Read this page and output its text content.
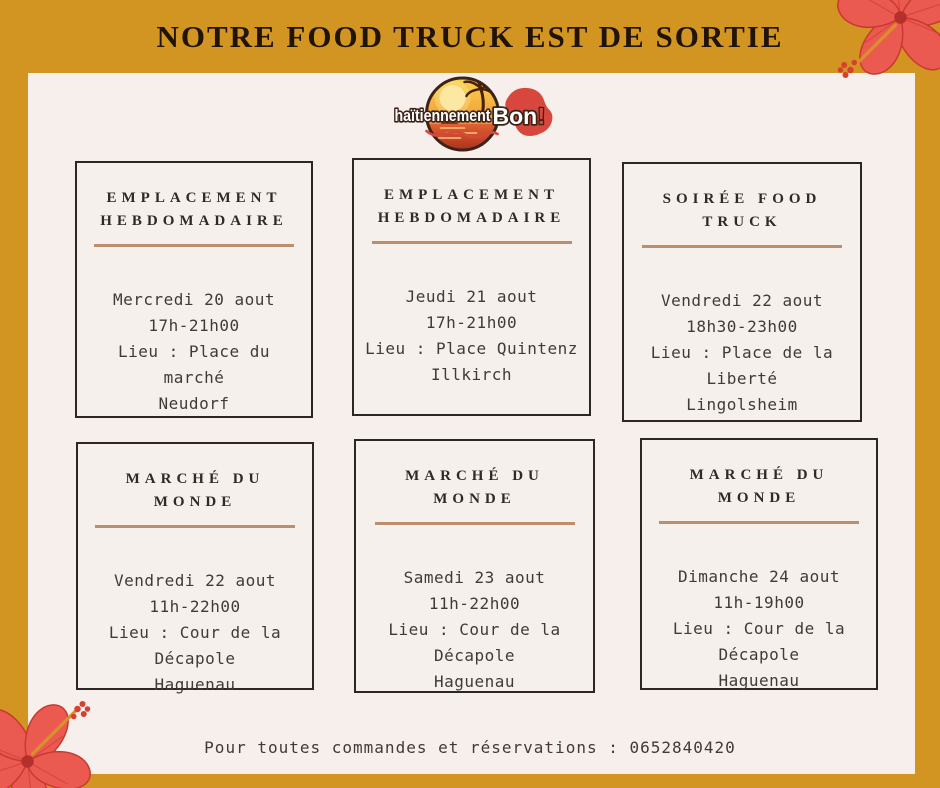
NOTRE FOOD TRUCK EST DE SORTIE
haïtiennement Bon !
EMPLACEMENT HEBDOMADAIRE

Mercredi 20 aout

17h-21h00

Lieu : Place du marché

Neudorf

EMPLACEMENT HEBDOMADAIRE

Jeudi 21 aout

17h-21h00

Lieu : Place Quintenz

Illkirch

SOIRÉE FOOD TRUCK

Vendredi 22 aout

18h30-23h00

Lieu : Place de la Liberté

Lingolsheim

MARCHÉ DU MONDE

Vendredi 22 aout

11h-22h00

Lieu : Cour de la Décapole

Haguenau

MARCHÉ DU MONDE

Samedi 23 aout

11h-22h00

Lieu : Cour de la Décapole

Haguenau

MARCHÉ DU MONDE

Dimanche 24 aout

11h-19h00

Lieu : Cour de la Décapole

Haguenau

Pour toutes commandes et réservations : 0652840420
